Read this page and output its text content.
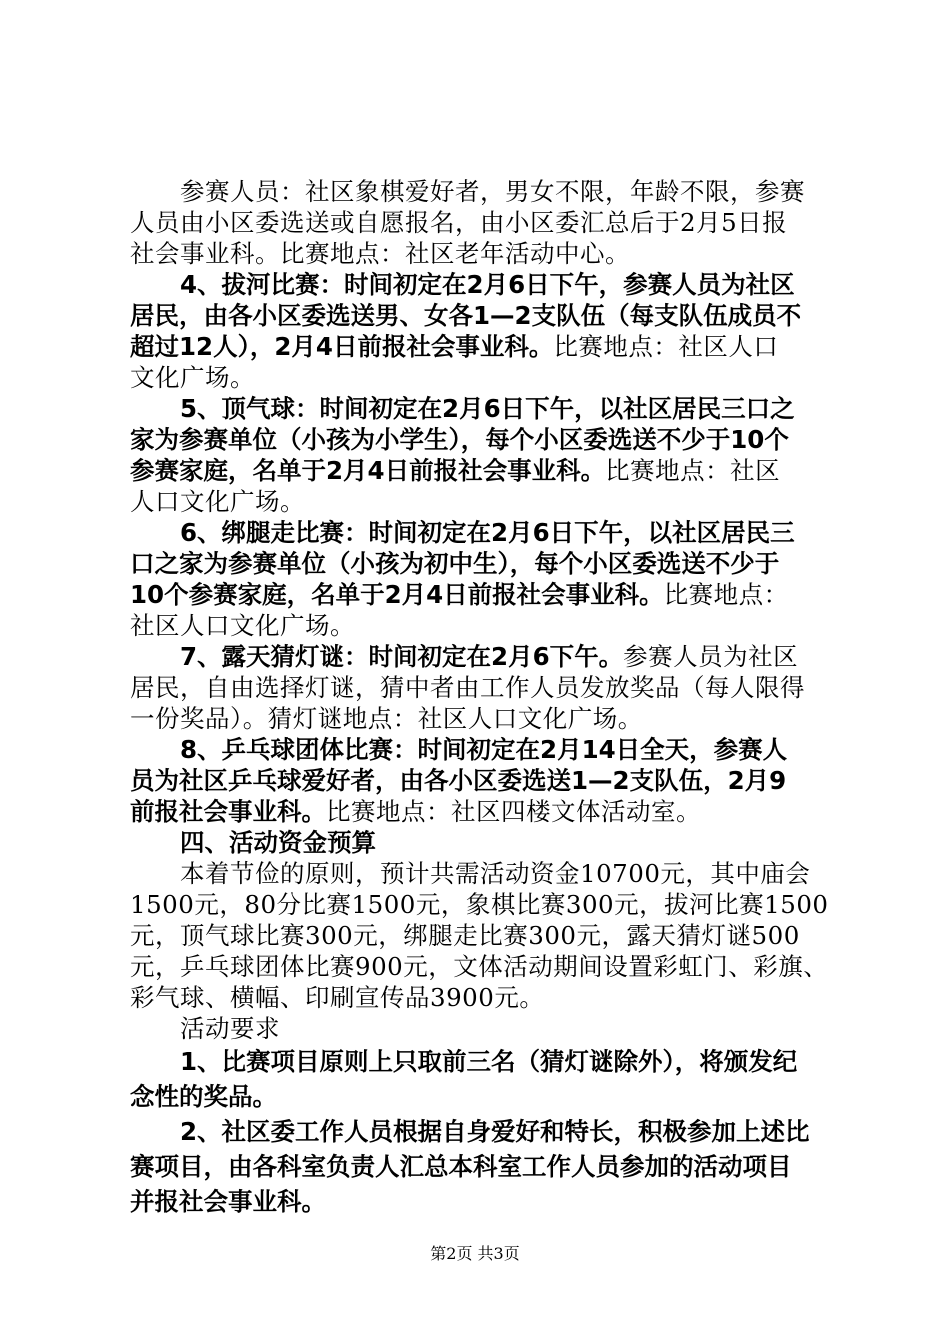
参赛人员：社区象棋爱好者，男女不限，年龄不限，参赛
人员由小区委选送或自愿报名，由小区委汇总后于2月5日报
社会事业科。比赛地点：社区老年活动中心。
4、拔河比赛：时间初定在2月6日下午，参赛人员为社区
居民，由各小区委选送男、女各1—2支队伍（每支队伍成员不
超过12人），2月4日前报社会事业科。比赛地点：社区人口
文化广场。
5、顶气球：时间初定在2月6日下午，以社区居民三口之
家为参赛单位（小孩为小学生），每个小区委选送不少于10个
参赛家庭，名单于2月4日前报社会事业科。比赛地点：社区
人口文化广场。
6、绑腿走比赛：时间初定在2月6日下午，以社区居民三
口之家为参赛单位（小孩为初中生），每个小区委选送不少于
10个参赛家庭，名单于2月4日前报社会事业科。比赛地点：
社区人口文化广场。
7、露天猜灯谜：时间初定在2月6下午。参赛人员为社区
居民，自由选择灯谜，猜中者由工作人员发放奖品（每人限得
一份奖品）。猜灯谜地点：社区人口文化广场。
8、乒乓球团体比赛：时间初定在2月14日全天，参赛人
员为社区乒乓球爱好者，由各小区委选送1—2支队伍，2月9
前报社会事业科。比赛地点：社区四楼文体活动室。
四、活动资金预算
本着节俭的原则，预计共需活动资金10700元，其中庙会
1500元，80分比赛1500元，象棋比赛300元，拔河比赛1500
元，顶气球比赛300元，绑腿走比赛300元，露天猜灯谜500
元，乒乓球团体比赛900元，文体活动期间设置彩虹门、彩旗、
彩气球、横幅、印刷宣传品3900元。
活动要求
1、比赛项目原则上只取前三名（猜灯谜除外），将颁发纪
念性的奖品。
2、社区委工作人员根据自身爱好和特长，积极参加上述比
赛项目，由各科室负责人汇总本科室工作人员参加的活动项目
并报社会事业科。
第2页 共3页
